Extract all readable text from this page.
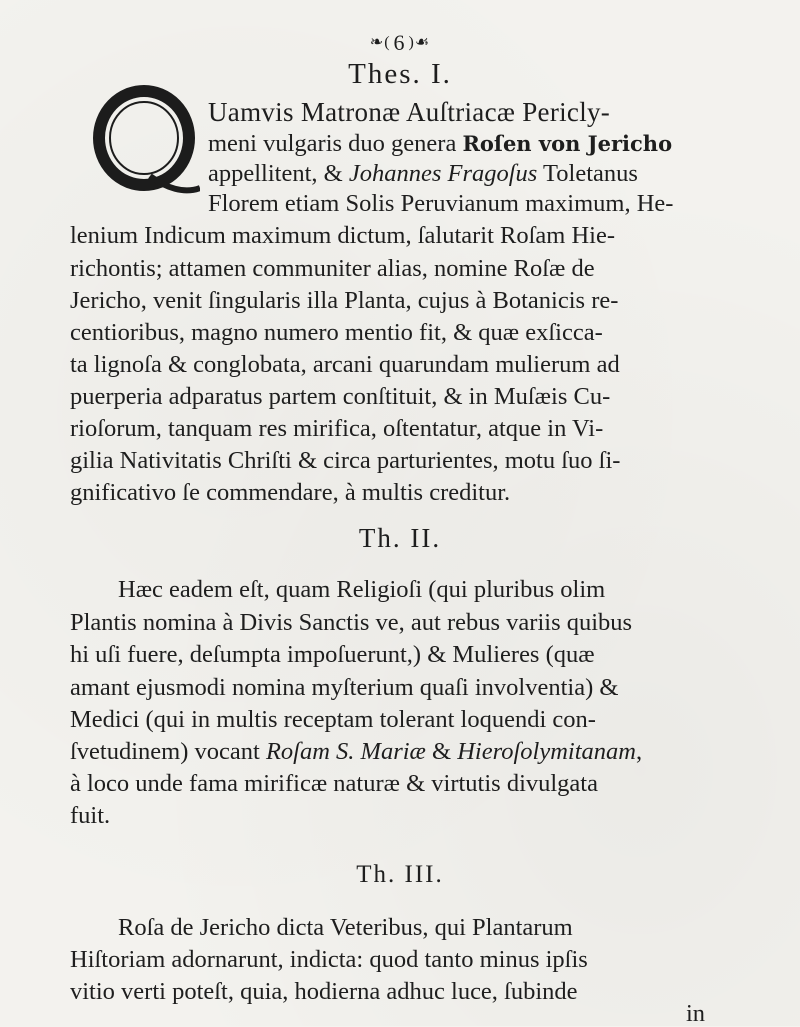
❧( 6 )☙
Thes. I.
Uamvis Matronæ Auſtriacæ Pericly-
meni vulgaris duo genera Roſen von Jericho
appellitent, & Johannes Fragoſus Toletanus
Florem etiam Solis Peruvianum maximum, He-
lenium Indicum maximum dictum, ſalutarit Roſam Hie-
richontis; attamen communiter alias, nomine Roſæ de
Jericho, venit ſingularis illa Planta, cujus à Botanicis re-
centioribus, magno numero mentio fit, & quæ exſicca-
ta lignoſa & conglobata, arcani quarundam mulierum ad
puerperia adparatus partem conſtituit, & in Muſæis Cu-
rioſorum, tanquam res mirifica, oſtentatur, atque in Vi-
gilia Nativitatis Chriſti & circa parturientes, motu ſuo ſi-
gnificativo ſe commendare, à multis creditur.
Th. II.
Hæc eadem eſt, quam Religioſi (qui pluribus olim
Plantis nomina à Divis Sanctis ve, aut rebus variis quibus
hi uſi fuere, deſumpta impoſuerunt,) & Mulieres (quæ
amant ejusmodi nomina myſterium quaſi involventia) &
Medici (qui in multis receptam tolerant loquendi con-
ſvetudinem) vocant Roſam S. Mariæ & Hieroſolymitanam,
à loco unde fama mirificæ naturæ & virtutis divulgata
fuit.
Th. III.
Roſa de Jericho dicta Veteribus, qui Plantarum
Hiſtoriam adornarunt, indicta: quod tanto minus ipſis
vitio verti poteſt, quia, hodierna adhuc luce, ſubinde
in
